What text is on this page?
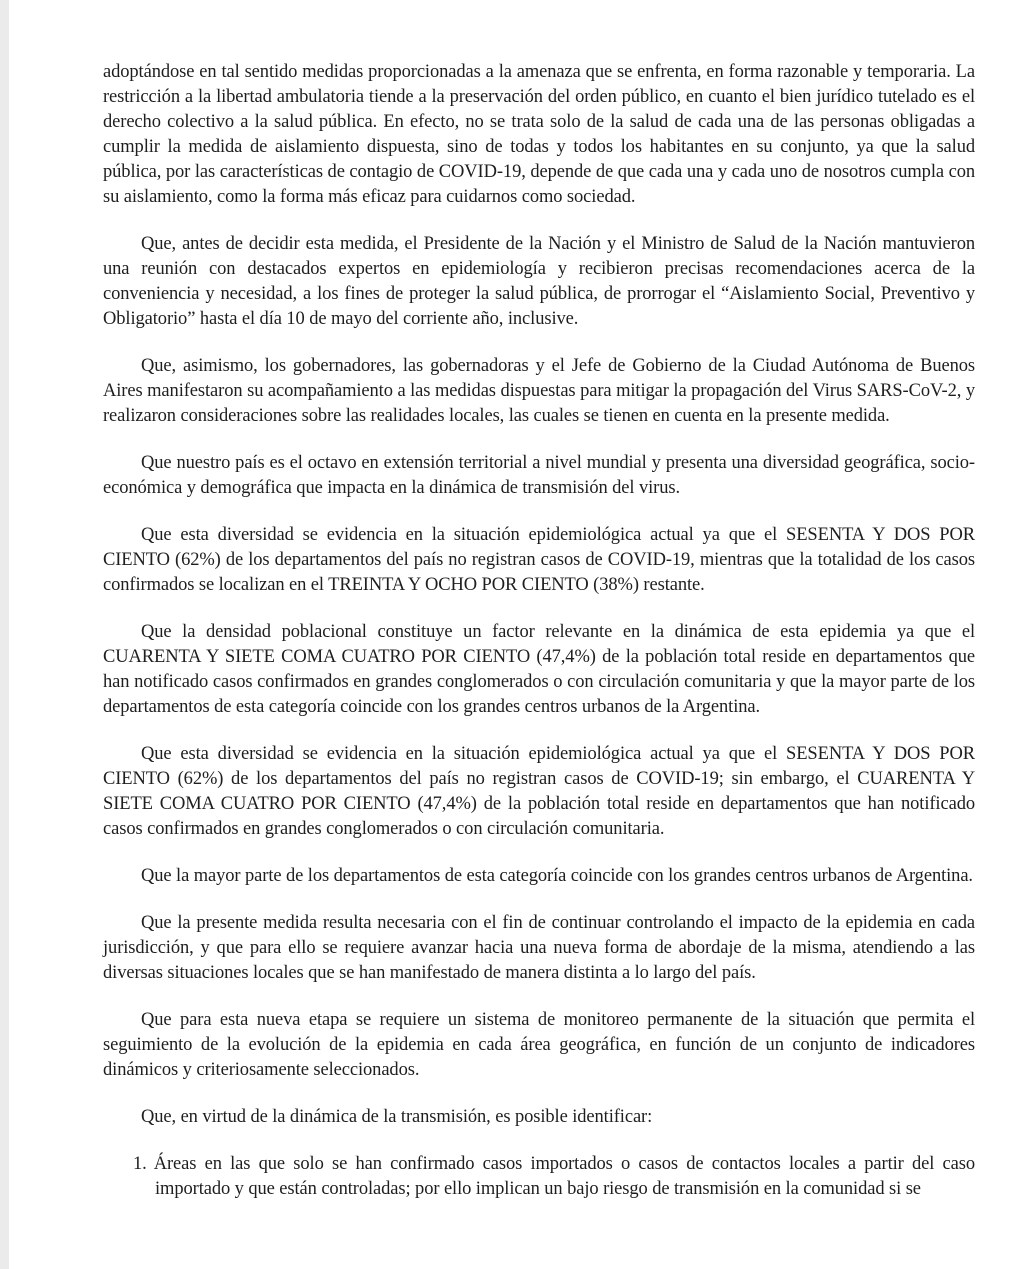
adoptándose en tal sentido medidas proporcionadas a la amenaza que se enfrenta, en forma razonable y temporaria. La restricción a la libertad ambulatoria tiende a la preservación del orden público, en cuanto el bien jurídico tutelado es el derecho colectivo a la salud pública. En efecto, no se trata solo de la salud de cada una de las personas obligadas a cumplir la medida de aislamiento dispuesta, sino de todas y todos los habitantes en su conjunto, ya que la salud pública, por las características de contagio de COVID-19, depende de que cada una y cada uno de nosotros cumpla con su aislamiento, como la forma más eficaz para cuidarnos como sociedad.

Que, antes de decidir esta medida, el Presidente de la Nación y el Ministro de Salud de la Nación mantuvieron una reunión con destacados expertos en epidemiología y recibieron precisas recomendaciones acerca de la conveniencia y necesidad, a los fines de proteger la salud pública, de prorrogar el “Aislamiento Social, Preventivo y Obligatorio” hasta el día 10 de mayo del corriente año, inclusive.

Que, asimismo, los gobernadores, las gobernadoras y el Jefe de Gobierno de la Ciudad Autónoma de Buenos Aires manifestaron su acompañamiento a las medidas dispuestas para mitigar la propagación del Virus SARS-CoV-2, y realizaron consideraciones sobre las realidades locales, las cuales se tienen en cuenta en la presente medida.

Que nuestro país es el octavo en extensión territorial a nivel mundial y presenta una diversidad geográfica, socio-económica y demográfica que impacta en la dinámica de transmisión del virus.

Que esta diversidad se evidencia en la situación epidemiológica actual ya que el SESENTA Y DOS POR CIENTO (62%) de los departamentos del país no registran casos de COVID-19, mientras que la totalidad de los casos confirmados se localizan en el TREINTA Y OCHO POR CIENTO (38%) restante.

Que la densidad poblacional constituye un factor relevante en la dinámica de esta epidemia ya que el CUARENTA Y SIETE COMA CUATRO POR CIENTO (47,4%) de la población total reside en departamentos que han notificado casos confirmados en grandes conglomerados o con circulación comunitaria y que la mayor parte de los departamentos de esta categoría coincide con los grandes centros urbanos de la Argentina.

Que esta diversidad se evidencia en la situación epidemiológica actual ya que el SESENTA Y DOS POR CIENTO (62%) de los departamentos del país no registran casos de COVID-19; sin embargo, el CUARENTA Y SIETE COMA CUATRO POR CIENTO (47,4%) de la población total reside en departamentos que han notificado casos confirmados en grandes conglomerados o con circulación comunitaria.

Que la mayor parte de los departamentos de esta categoría coincide con los grandes centros urbanos de Argentina.

Que la presente medida resulta necesaria con el fin de continuar controlando el impacto de la epidemia en cada jurisdicción, y que para ello se requiere avanzar hacia una nueva forma de abordaje de la misma, atendiendo a las diversas situaciones locales que se han manifestado de manera distinta a lo largo del país.

Que para esta nueva etapa se requiere un sistema de monitoreo permanente de la situación que permita el seguimiento de la evolución de la epidemia en cada área geográfica, en función de un conjunto de indicadores dinámicos y criteriosamente seleccionados.

Que, en virtud de la dinámica de la transmisión, es posible identificar:

1. Áreas en las que solo se han confirmado casos importados o casos de contactos locales a partir del caso importado y que están controladas; por ello implican un bajo riesgo de transmisión en la comunidad si se
